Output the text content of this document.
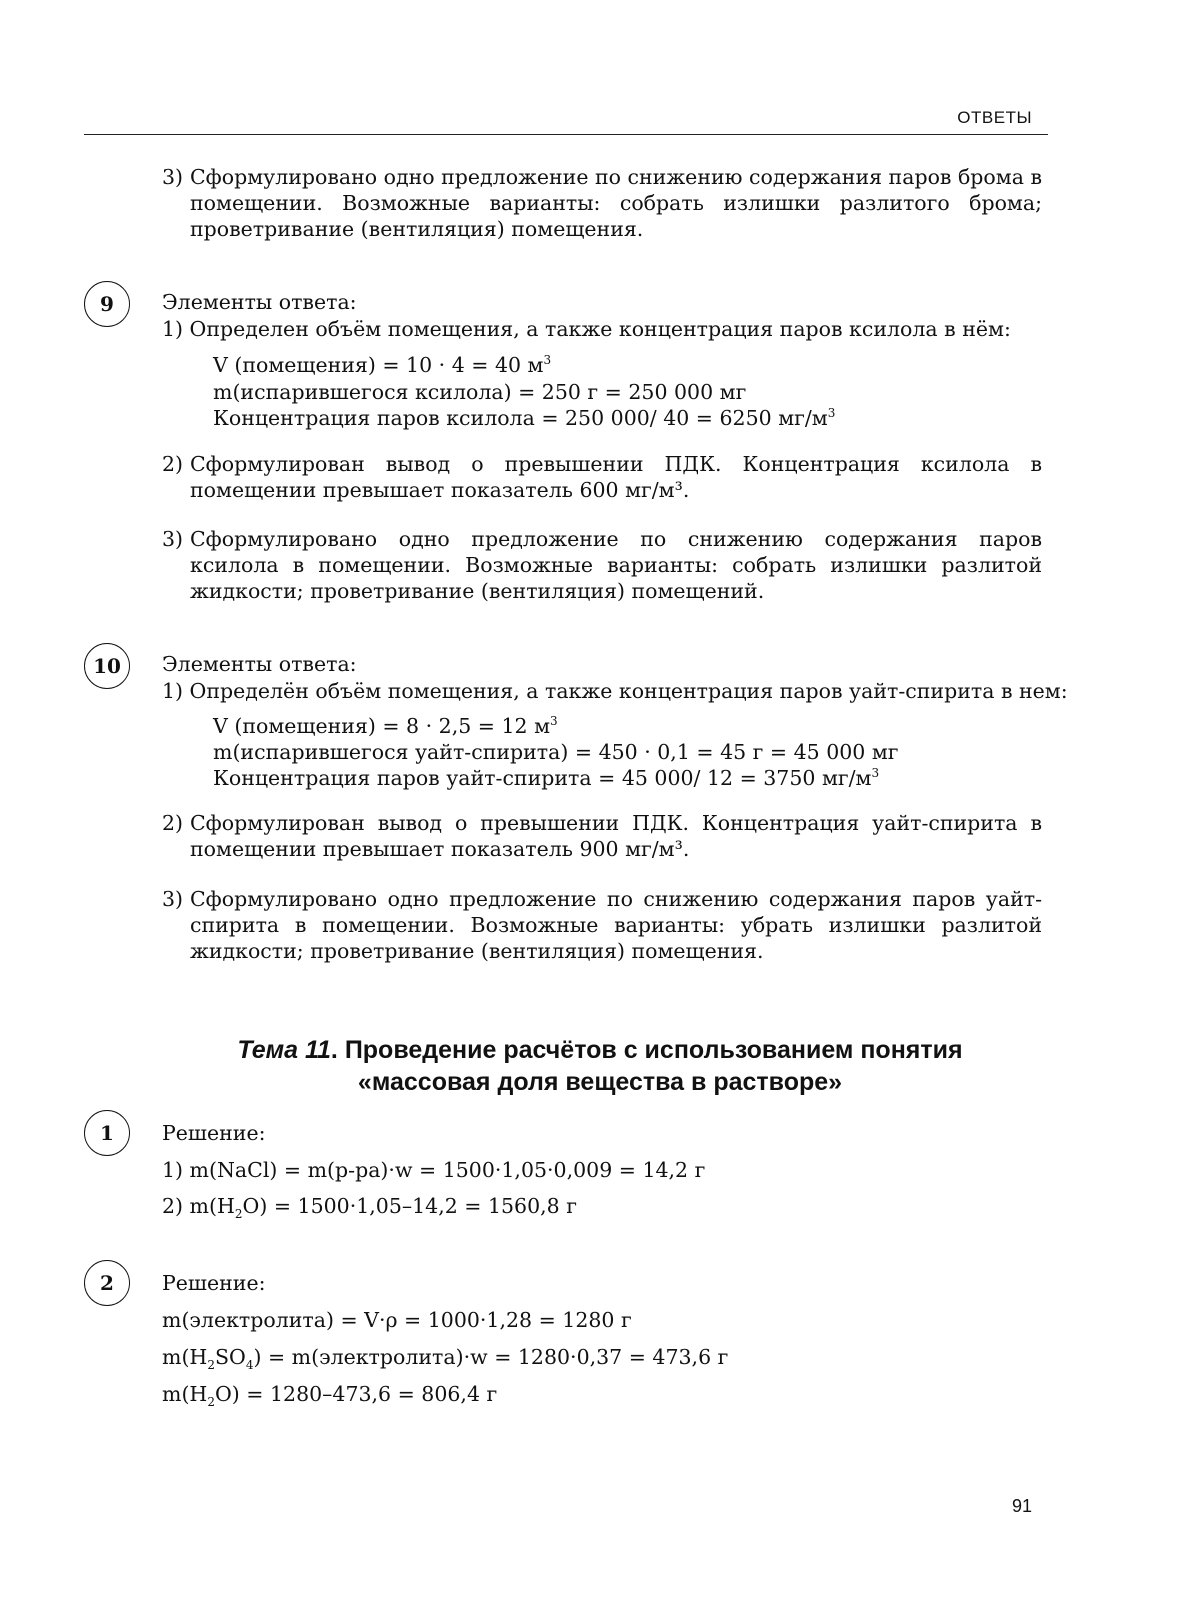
ОТВЕТЫ
3) Сформулировано одно предложение по снижению содержания паров брома в помещении. Возможные варианты: собрать излишки разлитого брома; проветривание (вентиляция) помещения.
9	Элементы ответа:
1) Определен объём помещения, а также концентрация паров ксилола в нём:
V (помещения) = 10 · 4 = 40 $м^3$
m(испарившегося ксилола) = 250 г = 250 000 мг
Концентрация паров ксилола = 250 000/ 40 = 6250 $мг/м^3$
2) Сформулирован вывод о превышении ПДК. Концентрация ксилола в помещении превышает показатель 600 мг/м³.
3) Сформулировано одно предложение по снижению содержания паров ксилола в помещении. Возможные варианты: собрать излишки разлитой жидкости; проветривание (вентиляция) помещений.
10	Элементы ответа:
1) Определён объём помещения, а также концентрация паров уайт-спирита в нем:
V (помещения) = 8 · 2,5 = 12 $м^3$
m(испарившегося уайт-спирита) = 450 · 0,1 = 45 г = 45 000 мг
Концентрация паров уайт-спирита = 45 000/ 12 = 3750 $мг/м^3$
2) Сформулирован вывод о превышении ПДК. Концентрация уайт-спирита в помещении превышает показатель 900 мг/м³.
3) Сформулировано одно предложение по снижению содержания паров уайт-спирита в помещении. Возможные варианты: убрать излишки разлитой жидкости; проветривание (вентиляция) помещения.
Тема 11. Проведение расчётов с использованием понятия
«массовая доля вещества в растворе»
1	Решение:
1) m(NaCl) = m(р-ра)·w = 1500·1,05·0,009 = 14,2 г
2) $m(H_2O) = 1500\cdot 1,05-14,2 = 1560,8$ г
2	Решение:
m(электролита) = V·ρ = 1000·1,28 = 1280 г
$m(H_2SO_4)$ = m(электролита)·w = 1280·0,37 = 473,6 г
$m(H_2O) = 1280-473,6 = 806,4$ г
91
